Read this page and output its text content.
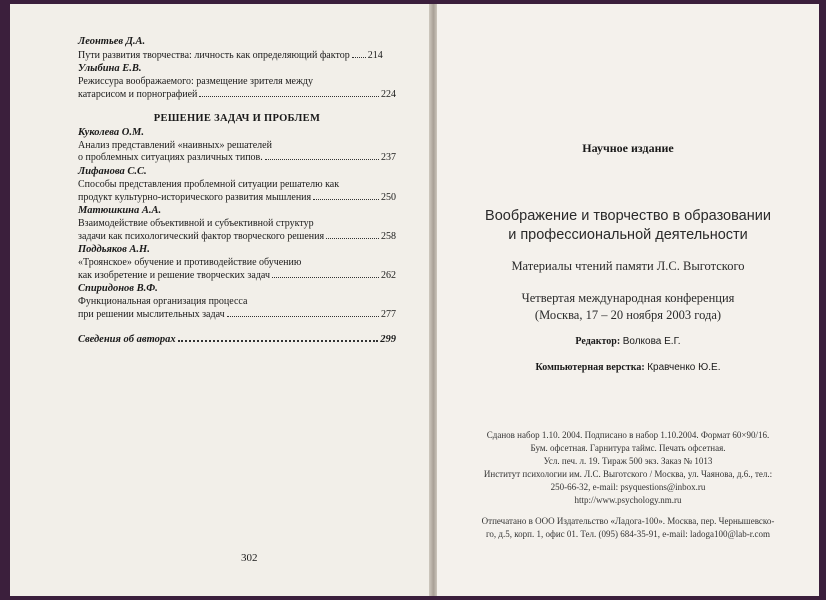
Леонтьев Д.А.
Пути развития творчества: личность как определяющий фактор 214
Улыбина Е.В.
Режиссура воображаемого: размещение зрителя между
катарсисом и порнографией	224
РЕШЕНИЕ ЗАДАЧ И ПРОБЛЕМ
Куколева О.М.
Анализ представлений «наивных» решателей
о проблемных ситуациях различных типов.	237
Лифанова С.С.
Способы представления проблемной ситуации решателю как
продукт культурно-исторического развития мышления	250
Матюшкина А.А.
Взаимодействие объективной и субъективной структур
задачи как психологический фактор творческого решения	258
Поддьяков А.Н.
«Троянское» обучение и противодействие обучению
как изобретение и решение творческих задач	262
Спиридонов В.Ф.
Функциональная организация процесса
при решении мыслительных задач	277
Сведения об авторах	299
302
Научное издание
Воображение и творчество в образовании
и профессиональной деятельности
Материалы чтений памяти Л.С. Выготского
Четвертая международная конференция
(Москва, 17 – 20 ноября 2003 года)
Редактор: Волкова Е.Г.
Компьютерная верстка: Кравченко Ю.Е.
Сданов набор 1.10. 2004. Подписано в набор 1.10.2004. Формат 60×90/16.
Бум. офсетная. Гарнитура таймс. Печать офсетная.
Усл. печ. л. 19. Тираж 500 экз. Заказ № 1013
Институт психологии им. Л.С. Выготского / Москва, ул. Чаянова, д.6., тел.:
250-66-32, e-mail: psyquestions@inbox.ru
http://www.psychology.nm.ru
Отпечатано в ООО Издательство «Ладога-100». Москва, пер. Чернышевско-
го, д.5, корп. 1, офис 01. Тел. (095) 684-35-91, e-mail: ladoga100@lab-r.com
